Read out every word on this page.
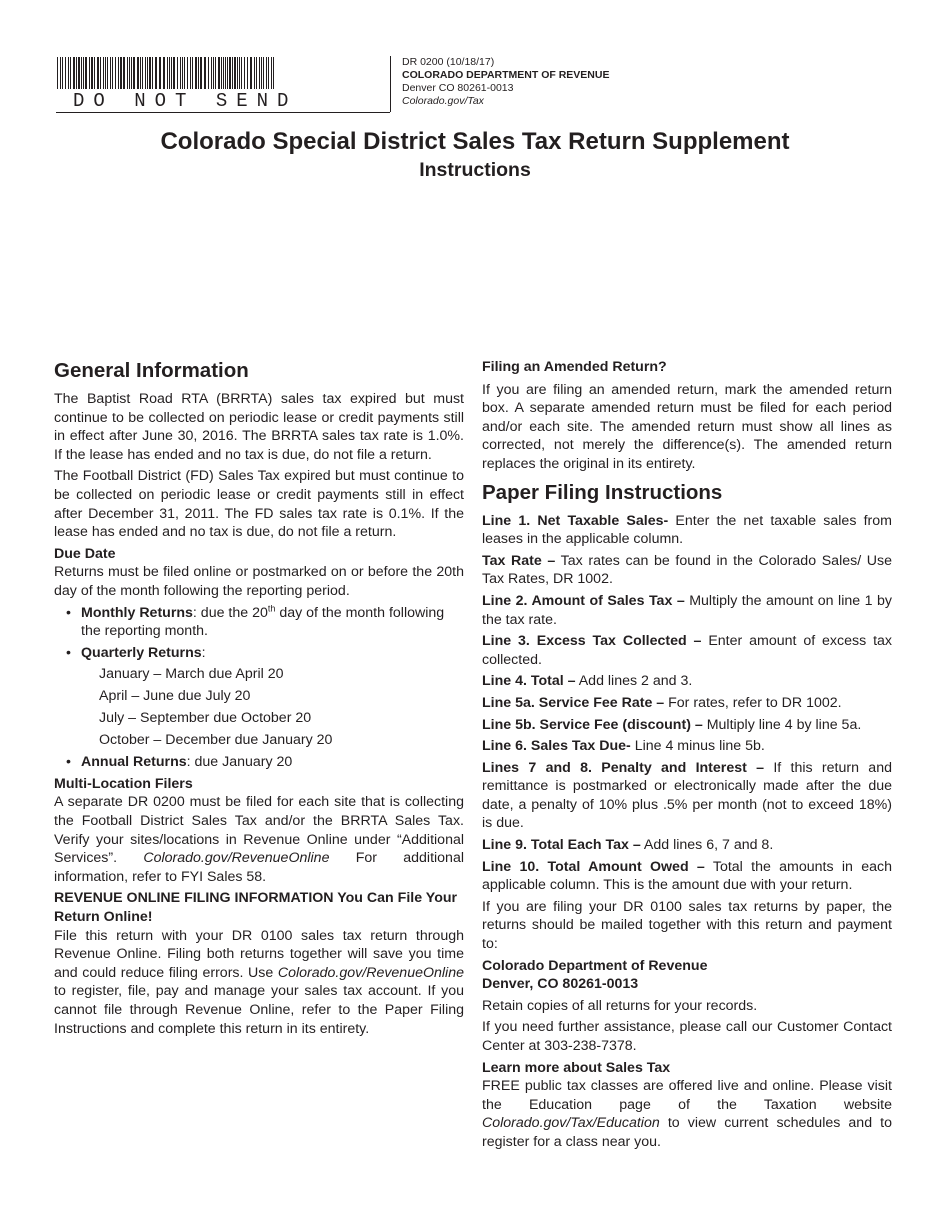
DO NOT SEND
DR 0200 (10/18/17)
COLORADO DEPARTMENT OF REVENUE
Denver CO 80261-0013
Colorado.gov/Tax
Colorado Special District Sales Tax Return Supplement
Instructions
General Information

The Baptist Road RTA (BRRTA) sales tax expired but must continue to be collected on periodic lease or credit payments still in effect after June 30, 2016. The BRRTA sales tax rate is 1.0%. If the lease has ended and no tax is due, do not file a return.

The Football District (FD) Sales Tax expired but must continue to be collected on periodic lease or credit payments still in effect after December 31, 2011. The FD sales tax rate is 0.1%. If the lease has ended and no tax is due, do not file a return.

Due Date

Returns must be filed online or postmarked on or before the 20th day of the month following the reporting period.

• Monthly Returns: due the 20th day of the month following the reporting month.
• Quarterly Returns:
January – March due April 20
April – June due July 20
July – September due October 20
October – December due January 20
• Annual Returns: due January 20
Multi-Location Filers

A separate DR 0200 must be filed for each site that is collecting the Football District Sales Tax and/or the BRRTA Sales Tax. Verify your sites/locations in Revenue Online under “Additional Services”. Colorado.gov/RevenueOnline For additional information, refer to FYI Sales 58.

REVENUE ONLINE FILING INFORMATION You Can File Your Return Online!

File this return with your DR 0100 sales tax return through Revenue Online. Filing both returns together will save you time and could reduce filing errors. Use Colorado.gov/RevenueOnline to register, file, pay and manage your sales tax account. If you cannot file through Revenue Online, refer to the Paper Filing Instructions and complete this return in its entirety.

Filing an Amended Return?

If you are filing an amended return, mark the amended return box. A separate amended return must be filed for each period and/or each site. The amended return must show all lines as corrected, not merely the difference(s). The amended return replaces the original in its entirety.

Paper Filing Instructions

Line 1. Net Taxable Sales- Enter the net taxable sales from leases in the applicable column.

Tax Rate – Tax rates can be found in the Colorado Sales/ Use Tax Rates, DR 1002.

Line 2. Amount of Sales Tax – Multiply the amount on line 1 by the tax rate.

Line 3. Excess Tax Collected – Enter amount of excess tax collected.

Line 4. Total – Add lines 2 and 3.

Line 5a. Service Fee Rate – For rates, refer to DR 1002.

Line 5b. Service Fee (discount) – Multiply line 4 by line 5a.

Line 6. Sales Tax Due- Line 4 minus line 5b.

Lines 7 and 8. Penalty and Interest – If this return and remittance is postmarked or electronically made after the due date, a penalty of 10% plus .5% per month (not to exceed 18%) is due.

Line 9. Total Each Tax – Add lines 6, 7 and 8.

Line 10. Total Amount Owed – Total the amounts in each applicable column. This is the amount due with your return.

If you are filing your DR 0100 sales tax returns by paper, the returns should be mailed together with this return and payment to:

Colorado Department of Revenue
Denver, CO 80261-0013

Retain copies of all returns for your records.

If you need further assistance, please call our Customer Contact Center at 303-238-7378.

Learn more about Sales Tax

FREE public tax classes are offered live and online. Please visit the Education page of the Taxation website Colorado.gov/Tax/Education to view current schedules and to register for a class near you.
